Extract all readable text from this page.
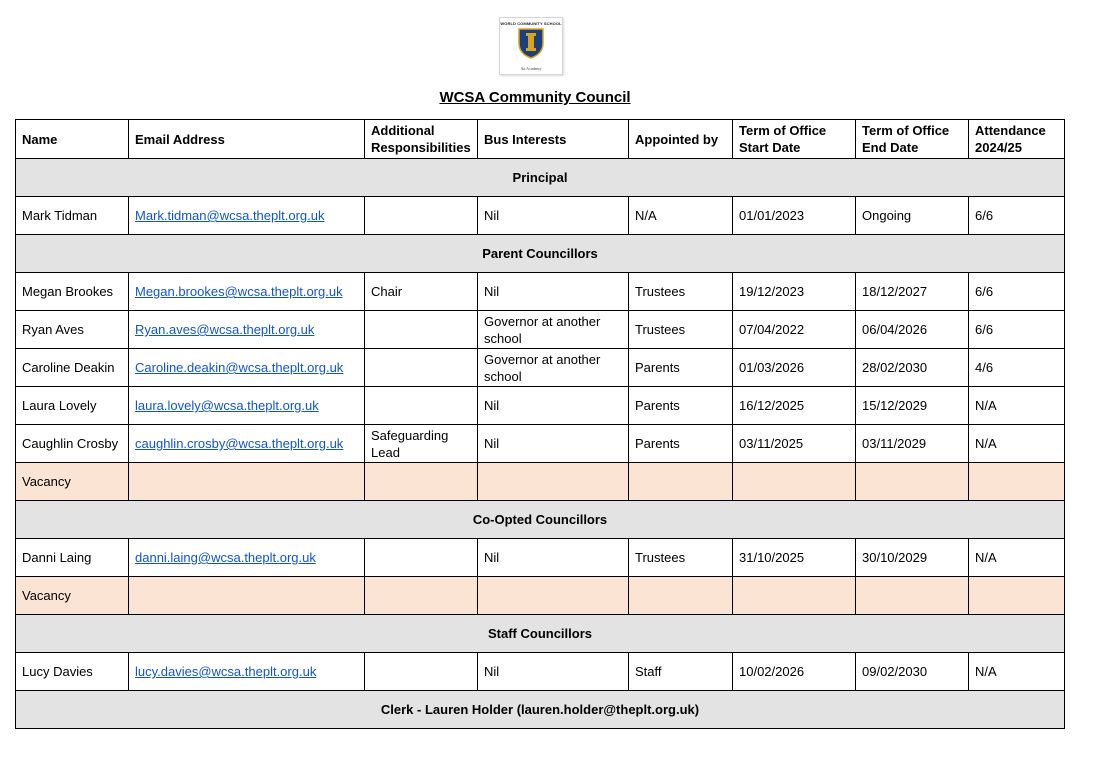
WORLD COMMUNITY SCHOOL
An Academy
WCSA Community Council
Name	Email Address	Additional Responsibilities	Bus Interests	Appointed by	Term of Office Start Date	Term of Office End Date	Attendance 2024/25
Principal							
Mark Tidman	Mark.tidman@wcsa.theplt.org.uk		Nil	N/A	01/01/2023	Ongoing	6/6
Parent Councillors							
Megan Brookes	Megan.brookes@wcsa.theplt.org.uk	Chair	Nil	Trustees	19/12/2023	18/12/2027	6/6
Ryan Aves	Ryan.aves@wcsa.theplt.org.uk		Governor at another school	Trustees	07/04/2022	06/04/2026	6/6
Caroline Deakin	Caroline.deakin@wcsa.theplt.org.uk		Governor at another school	Parents	01/03/2026	28/02/2030	4/6
Laura Lovely	laura.lovely@wcsa.theplt.org.uk		Nil	Parents	16/12/2025	15/12/2029	N/A
Caughlin Crosby	caughlin.crosby@wcsa.theplt.org.uk	Safeguarding Lead	Nil	Parents	03/11/2025	03/11/2029	N/A
Vacancy							
Co-Opted Councillors							
Danni Laing	danni.laing@wcsa.theplt.org.uk		Nil	Trustees	31/10/2025	30/10/2029	N/A
Vacancy							
Staff Councillors							
Lucy Davies	lucy.davies@wcsa.theplt.org.uk		Nil	Staff	10/02/2026	09/02/2030	N/A
Clerk - Lauren Holder (lauren.holder@theplt.org.uk)							
